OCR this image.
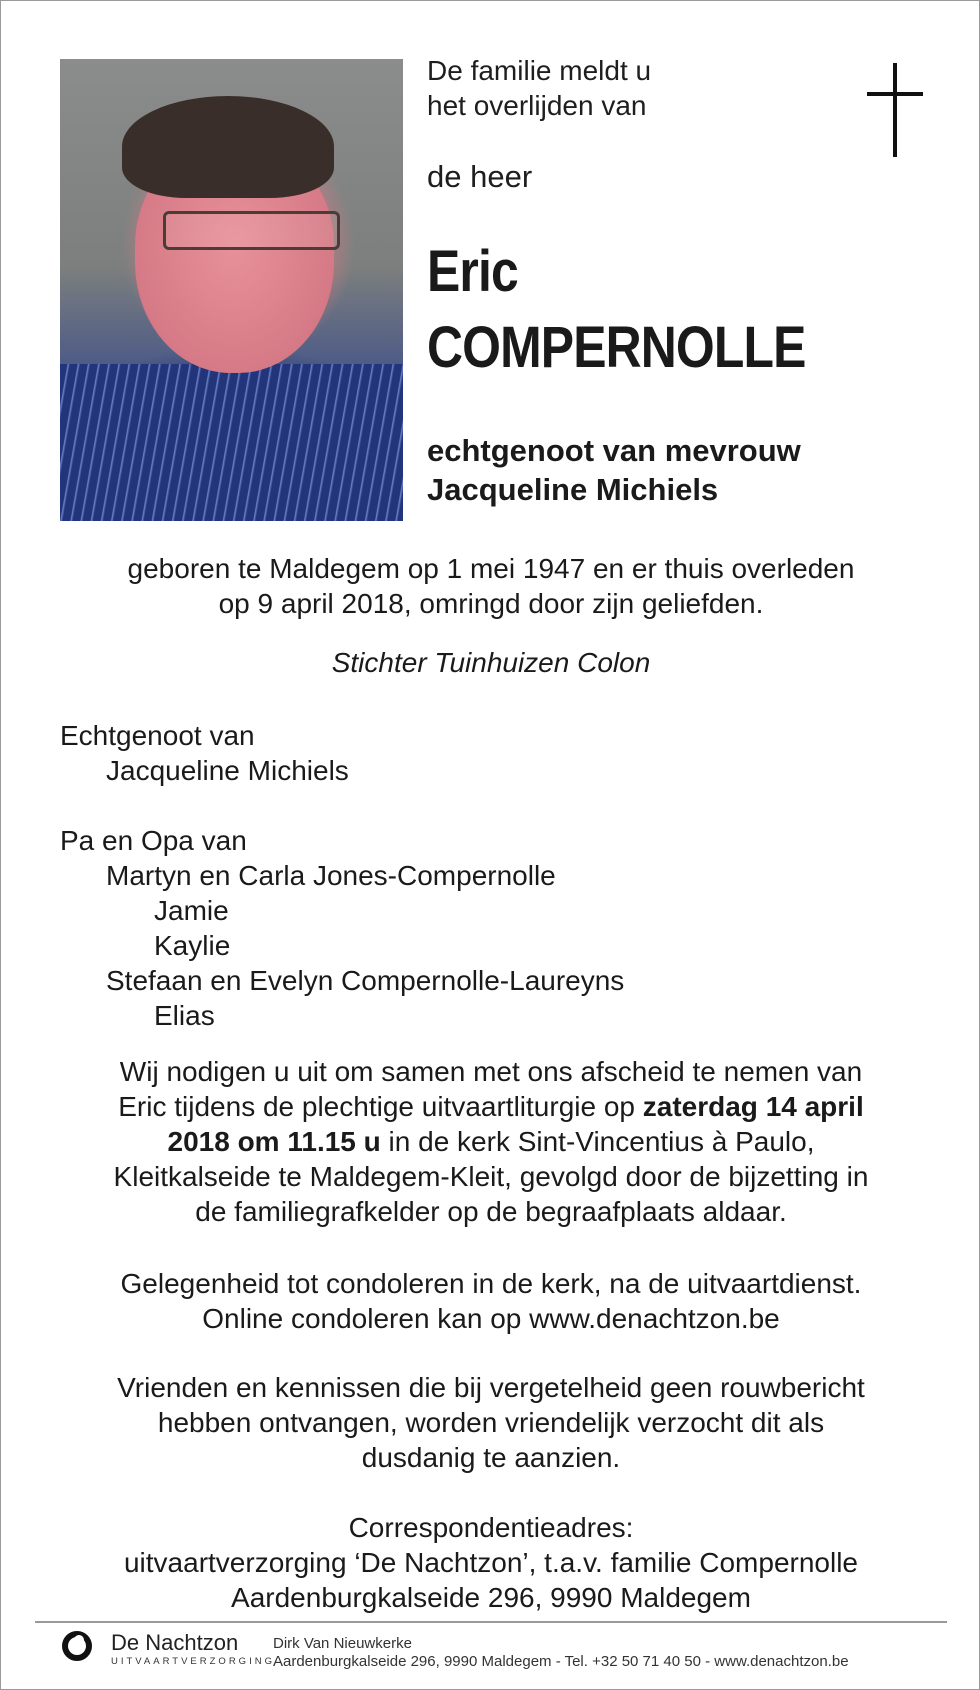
De familie meldt u
het overlijden van
de heer
Eric
COMPERNOLLE
echtgenoot van mevrouw
Jacqueline Michiels
geboren te Maldegem op 1 mei 1947 en er thuis overleden
op 9 april 2018, omringd door zijn geliefden.
Stichter Tuinhuizen Colon
Echtgenoot van
Jacqueline Michiels
Pa en Opa van
Martyn en Carla Jones-Compernolle
Jamie
Kaylie
Stefaan en Evelyn Compernolle-Laureyns
Elias
Wij nodigen u uit om samen met ons afscheid te nemen van
Eric tijdens de plechtige uitvaartliturgie op zaterdag 14 april
2018 om 11.15 u in de kerk Sint-Vincentius à Paulo,
Kleitkalseide te Maldegem-Kleit, gevolgd door de bijzetting in
de familiegrafkelder op de begraafplaats aldaar.
Gelegenheid tot condoleren in de kerk, na de uitvaartdienst.
Online condoleren kan op www.denachtzon.be
Vrienden en kennissen die bij vergetelheid geen rouwbericht
hebben ontvangen, worden vriendelijk verzocht dit als
dusdanig te aanzien.
Correspondentieadres:
uitvaartverzorging ‘De Nachtzon’, t.a.v. familie Compernolle
Aardenburgkalseide 296, 9990 Maldegem
De Nachtzon
UITVAARTVERZORGING
Dirk Van Nieuwkerke
Aardenburgkalseide 296, 9990 Maldegem - Tel. +32 50 71 40 50 - www.denachtzon.be
